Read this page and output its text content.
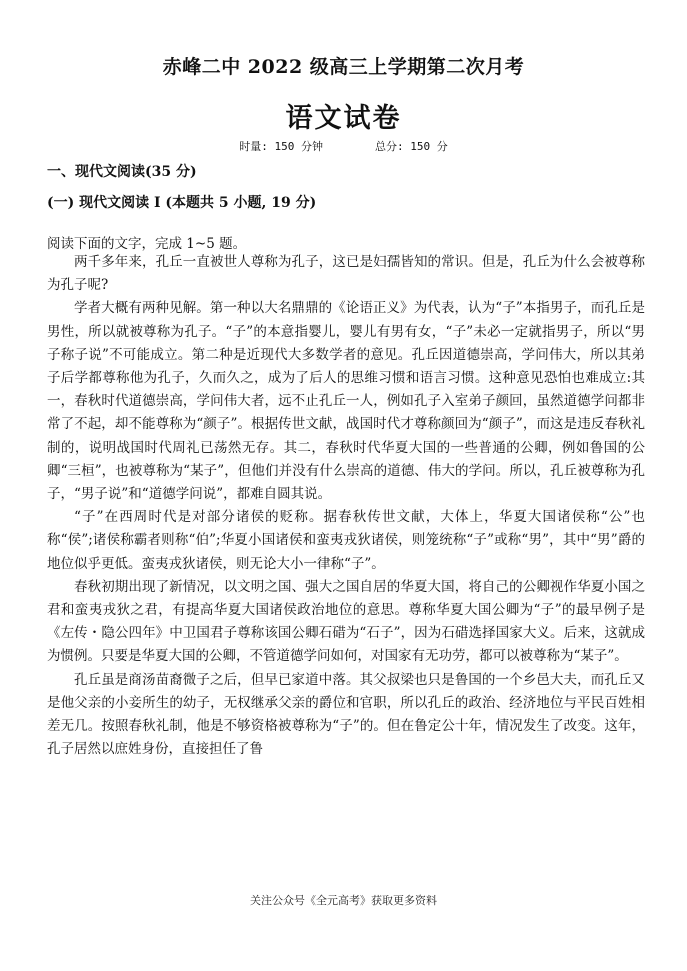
赤峰二中 2022 级高三上学期第二次月考
语文试卷
时量: 150 分钟	总分: 150 分
一、现代文阅读(35 分)
(一) 现代文阅读 Ⅰ (本题共 5 小题, 19 分)
阅读下面的文字，完成 1~5 题。

两千多年来，孔丘一直被世人尊称为孔子，这已是妇孺皆知的常识。但是，孔丘为什么会被尊称为孔子呢?

学者大概有两种见解。第一种以大名鼎鼎的《论语正义》为代表，认为“子”本指男子，而孔丘是男性，所以就被尊称为孔子。“子”的本意指婴儿，婴儿有男有女，“子”未必一定就指男子，所以“男子称子说”不可能成立。第二种是近现代大多数学者的意见。孔丘因道德崇高，学问伟大，所以其弟子后学都尊称他为孔子，久而久之，成为了后人的思维习惯和语言习惯。这种意见恐怕也难成立:其一，春秋时代道德崇高，学问伟大者，远不止孔丘一人，例如孔子入室弟子颜回，虽然道德学问都非常了不起，却不能尊称为“颜子”。根据传世文献，战国时代才尊称颜回为“颜子”，而这是违反春秋礼制的，说明战国时代周礼已荡然无存。其二，春秋时代华夏大国的一些普通的公卿，例如鲁国的公卿“三桓”，也被尊称为“某子”，但他们并没有什么崇高的道德、伟大的学问。所以，孔丘被尊称为孔子，“男子说”和“道德学问说”，都难自圆其说。

“子”在西周时代是对部分诸侯的贬称。据春秋传世文献，大体上，华夏大国诸侯称“公”也称“侯”;诸侯称霸者则称“伯”;华夏小国诸侯和蛮夷戎狄诸侯，则笼统称“子”或称“男”，其中“男”爵的地位似乎更低。蛮夷戎狄诸侯，则无论大小一律称“子”。

春秋初期出现了新情况，以文明之国、强大之国自居的华夏大国，将自己的公卿视作华夏小国之君和蛮夷戎狄之君，有提高华夏大国诸侯政治地位的意思。尊称华夏大国公卿为“子”的最早例子是《左传・隐公四年》中卫国君子尊称该国公卿石碏为“石子”，因为石碏选择国家大义。后来，这就成为惯例。只要是华夏大国的公卿，不管道德学问如何，对国家有无功劳，都可以被尊称为“某子”。

孔丘虽是商汤苗裔微子之后，但早已家道中落。其父叔梁也只是鲁国的一个乡邑大夫，而孔丘又是他父亲的小妾所生的幼子，无权继承父亲的爵位和官职，所以孔丘的政治、经济地位与平民百姓相差无几。按照春秋礼制，他是不够资格被尊称为“子”的。但在鲁定公十年，情况发生了改变。这年，孔子居然以庶姓身份，直接担任了鲁

关注公众号《全元高考》获取更多资料
